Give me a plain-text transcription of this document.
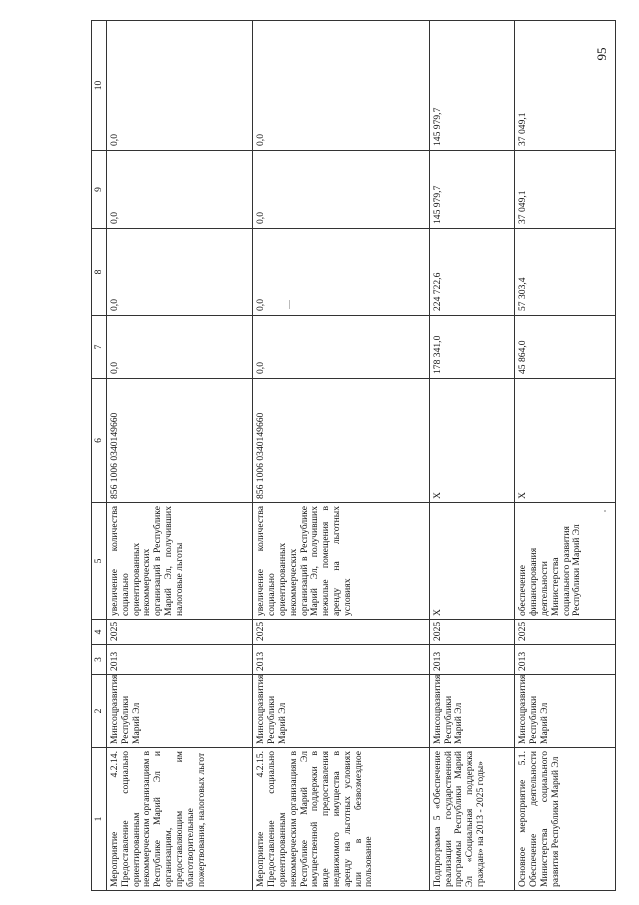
95
1	2	3	4	5	6	7	8	9	10
Мероприятие 4.2.14. Предоставление социально ориентированным некоммерческим организациям в Республике Марий Эл и организациям, предоставляющим им благотворительные пожертвования, налоговых льгот	Минсоцразвития Республики Марий Эл	2013	2025	увеличение количества социально ориентированных некоммерческих организаций в Республике Марий Эл, получивших налоговые льготы	856 1006 0340149660	0,0	0,0	0,0	0,0
Мероприятие 4.2.15. Предоставление социально ориентированным некоммерческим организациям в Республике Марий Эл имущественной поддержки в виде предоставления недвижимого имущества в аренду на льготных условиях или в безвозмездное пользование	Минсоцразвития Республики Марий Эл	2013	2025	увеличение количества социально ориентированных некоммерческих организаций в Республике Марий Эл, получивших нежилые помещения в аренду на льготных условиях	856 1006 0340149660	0,0	0,0	0,0	0,0
Подпрограмма 5 «Обеспечение реализации государственной программы Республики Марий Эл «Социальная поддержка граждан» на 2013 - 2025 годы»	Минсоцразвития Республики Марий Эл	2013	2025	X	X	178 341,0	224 722,6	145 979,7	145 979,7
Основное мероприятие 5.1. Обеспечение деятельности Министерства социального развития Республики Марий Эл	Минсоцразвития Республики Марий Эл	2013	2025	обеспечение финансирования деятельности Министерства социального развития Республики Марий Эл	X	45 864,0	57 303,4	37 049,1	37 049,1
